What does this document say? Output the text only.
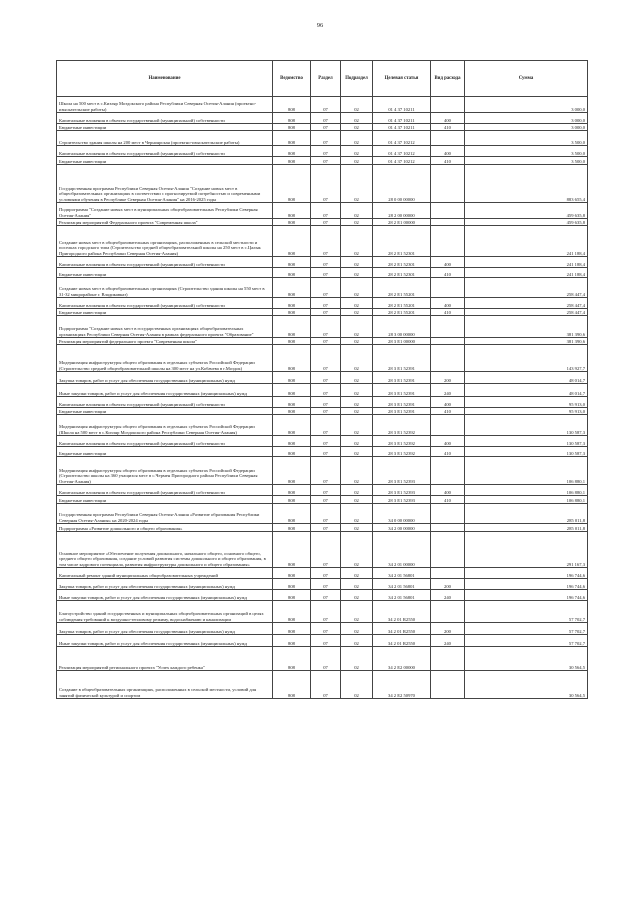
96
Наименование	Ведомство	Раздел	Подраздел	Целевая статья	Вид расхода	Сумма
Школа на 500 мест в с.Кизляр Моздокского района Республики Северная Осетия-Алания (проектно-изыскательские работы)	808	07	02	01 4 37 10211		3 000,0
Капитальные вложения в объекты государственной (муниципальной) собственности	808	07	02	01 4 37 10211	400	3 000,0
Бюджетные инвестиции	808	07	02	01 4 37 10211	410	3 000,0
Строительство здания школы на 200 мест в Черноярская (проектно-изыскательские работы)	808	07	02	01 4 37 10212		3 500,0
Капитальные вложения в объекты государственной (муниципальной) собственности	808	07	02	01 4 37 10212	400	3 500,0
Бюджетные инвестиции	808	07	02	01 4 37 10212	410	3 500,0
Государственная программа Республики Северная Осетия-Алания "Создание новых мест в общеобразовательных организациях в соответствии с прогнозируемой потребностью и современными условиями обучения в Республике Северная Осетия-Алания" на 2016-2025 годы	808	07	02	28 0 00 00000		883 655,4
Подпрограмма "Создание новых мест в муниципальных общеобразовательных Республики Северная Осетия-Алания"	808	07	02	28 2 00 00000		459 635,8
Реализация мероприятий Федерального проекта "Современная школа"	808	07	02	28 2 E1 00000		459 635,8
Создание новых мест в общеобразовательных организациях, расположенных в сельской местности и поселках городского типа (Строительство средней общеобразовательной школы на 250 мест в с.Цалык Пригородного района Республики Северная Осетия-Алания)	808	07	02	28 2 E1 52301		241 188,4
Капитальные вложения в объекты государственной (муниципальной) собственности	808	07	02	28 2 E1 52301	400	241 188,4
Бюджетные инвестиции	808	07	02	28 2 E1 52301	410	241 188,4
Создание новых мест в общеобразовательных организациях (Строительство здания школы на 550 мест в 31-32 микрорайоне г. Владикавказ)	808	07	02	28 2 E1 55201		258 447,4
Капитальные вложения в объекты государственной (муниципальной) собственности	808	07	02	28 2 E1 55201	400	258 447,4
Бюджетные инвестиции	808	07	02	28 2 E1 55201	410	258 447,4
Подпрограмма "Создание новых мест в государственных организациях общеобразовательных организациях Республики Северная Осетия-Алания в рамках федерального проекта "Образование"	808	07	02	28 3 00 00000		381 390,6
Реализация мероприятий федерального проекта "Современная школа"	808	07	02	28 3 E1 00000		381 390,6
Модернизация инфраструктуры общего образования в отдельных субъектах Российской Федерации (Строительство средней общеобразовательной школы на 300 мест на ул.Кобачева в г.Моздок)	808	07	02	28 3 E1 52391		143 927,7
Закупка товаров, работ и услуг для обеспечения государственных (муниципальных) нужд	808	07	02	28 3 E1 52391	200	48 014,7
Иные закупки товаров, работ и услуг для обеспечения государственных (муниципальных) нужд	808	07	02	28 3 E1 52391	240	48 014,7
Капитальные вложения в объекты государственной (муниципальной) собственности	808	07	02	28 3 E1 52391	400	95 913,0
Бюджетные инвестиции	808	07	02	28 3 E1 52391	410	95 913,0
Модернизация инфраструктуры общего образования в отдельных субъектах Российской Федерации (Школа на 500 мест в с.Кизляр Моздокского района Республики Северная Осетия-Алания)	808	07	02	28 3 E1 52392		130 587,3
Капитальные вложения в объекты государственной (муниципальной) собственности	808	07	02	28 3 E1 52392	400	130 587,3
Бюджетные инвестиции	808	07	02	28 3 E1 52392	410	130 587,3
Модернизация инфраструктуры общего образования в отдельных субъектах Российской Федерации (Строительство школы на 360 учащихся мест в с.Чермен Пригородного района Республики Северная Осетия-Алания)	808	07	02	28 3 E1 52393		106 880,1
Капитальные вложения в объекты государственной (муниципальной) собственности	808	07	02	28 3 E1 52393	400	106 880,1
Бюджетные инвестиции	808	07	02	28 3 E1 52393	410	106 880,1
Государственная программа Республики Северная Осетия-Алания «Развитие образования Республики Северная Осетия-Алания» на 2020-2024 годы	808	07	02	34 0 00 00000		285 011,8
Подпрограмма «Развитие дошкольного и общего образования»	808	07	02	34 2 00 00000		285 011,8
Основное мероприятие «Обеспечение получения дошкольного, начального общего, основного общего, среднего общего образования, создание условий развития системы дошкольного и общего образования, в том числе кадрового потенциала, развития инфраструктуры дошкольного и общего образования»	808	07	02	34 2 01 00000		291 167,3
Капитальный ремонт зданий муниципальных общеобразовательных учреждений	808	07	02	34 2 01 56801		196 744,6
Закупка товаров, работ и услуг для обеспечения государственных (муниципальных) нужд	808	07	02	34 2 01 56801	200	196 744,6
Иные закупки товаров, работ и услуг для обеспечения государственных (муниципальных) нужд	808	07	02	34 2 01 56801	240	196 744,6
Благоустройство зданий государственных и муниципальных общеобразовательных организаций в целях соблюдения требований к воздушно-тепловому режиму, водоснабжению и канализации	808	07	02	34 2 01 R2550		57 702,7
Закупка товаров, работ и услуг для обеспечения государственных (муниципальных) нужд	808	07	02	34 2 01 R2550	200	57 702,7
Иные закупки товаров, работ и услуг для обеспечения государственных (муниципальных) нужд	808	07	02	34 2 01 R2550	240	57 702,7
Реализация мероприятий регионального проекта "Успех каждого ребенка"	808	07	02	34 2 E2 00000		30 564,5
Создание в общеобразовательных организациях, расположенных в сельской местности, условий для занятий физической культурой и спортом	808	07	02	34 2 E2 50970		30 564,5
